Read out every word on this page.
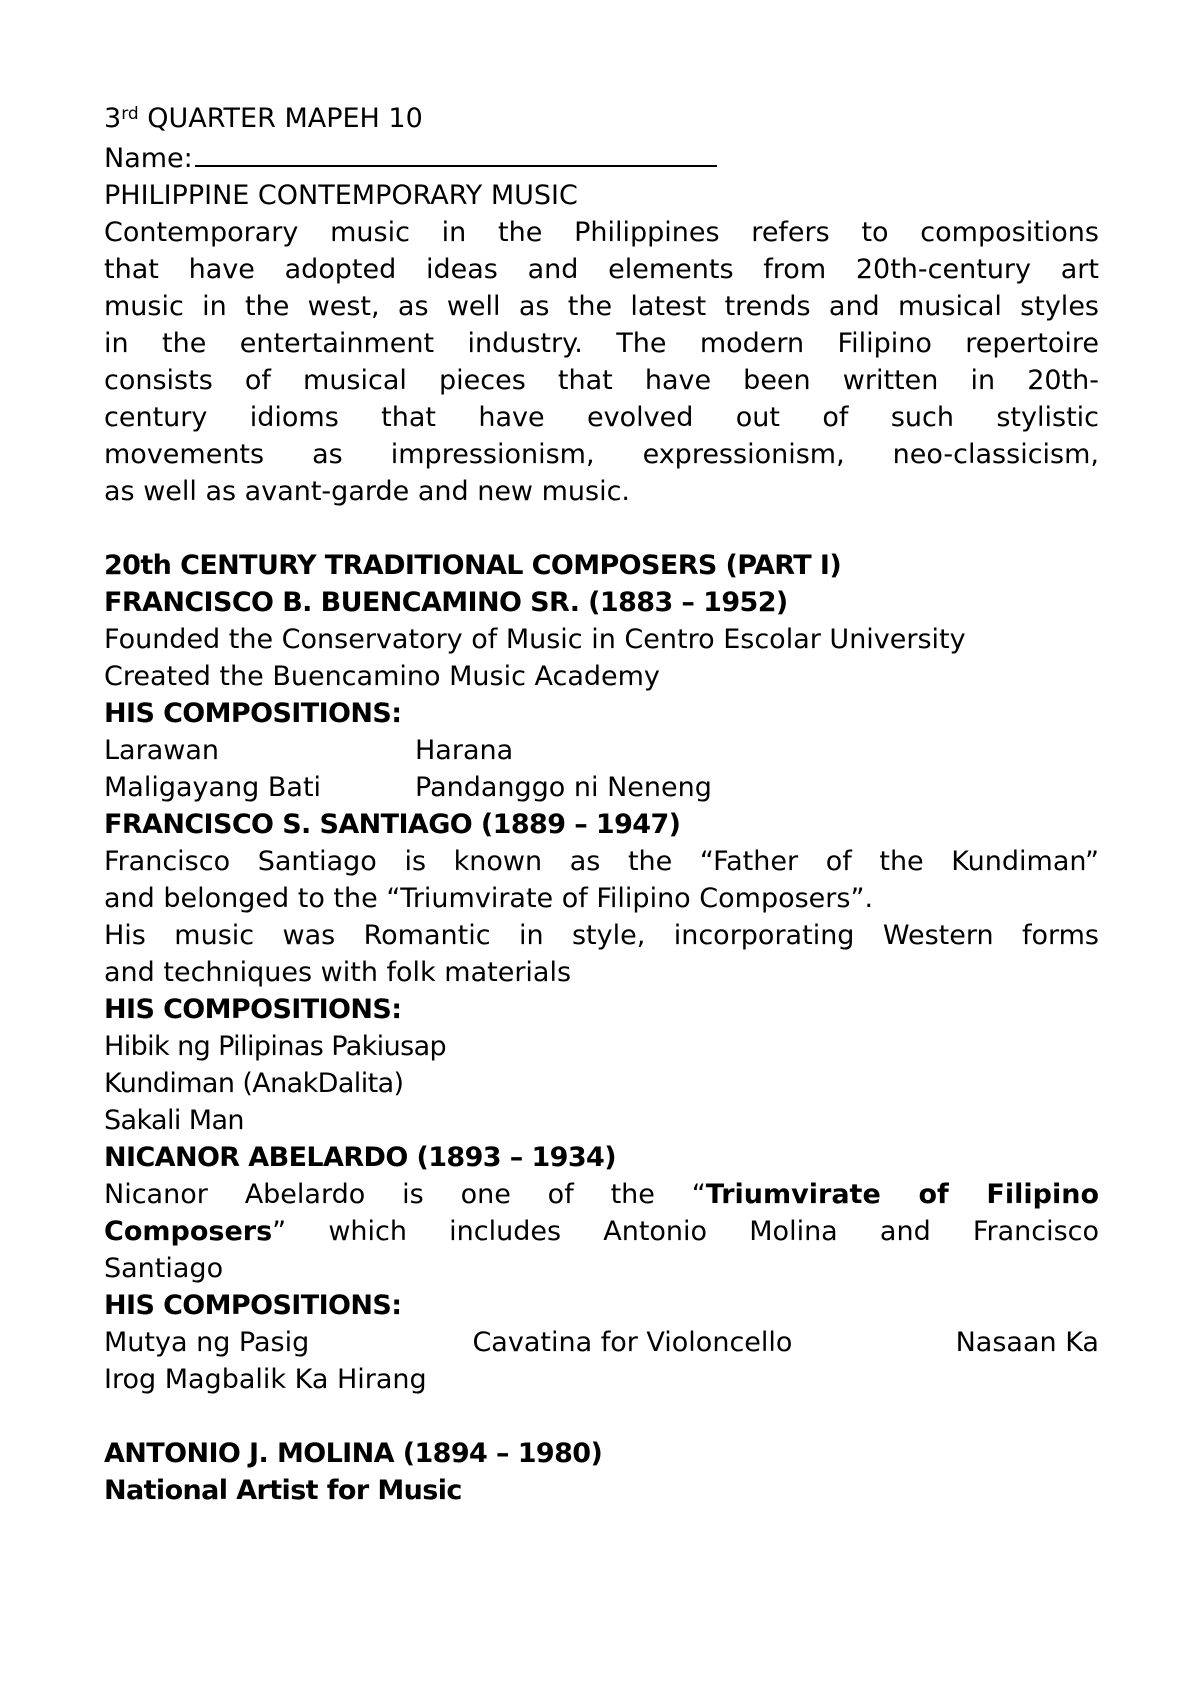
3rd QUARTER MAPEH 10
Name:
PHILIPPINE CONTEMPORARY MUSIC
Contemporary music in the Philippines refers to compositions
that have adopted ideas and elements from 20th-century art
music in the west, as well as the latest trends and musical styles
in the entertainment industry. The modern Filipino repertoire
consists of musical pieces that have been written in 20th-
century idioms that have evolved out of such stylistic
movements as impressionism, expressionism, neo-classicism,
as well as avant-garde and new music.
20th CENTURY TRADITIONAL COMPOSERS (PART I)
FRANCISCO B. BUENCAMINO SR. (1883 – 1952)
Founded the Conservatory of Music in Centro Escolar University
Created the Buencamino Music Academy
HIS COMPOSITIONS:
Larawan	Harana
Maligayang Bati	Pandanggo ni Neneng
FRANCISCO S. SANTIAGO (1889 – 1947)
Francisco Santiago is known as the “Father of the Kundiman”
and belonged to the “Triumvirate of Filipino Composers”.
His music was Romantic in style, incorporating Western forms
and techniques with folk materials
HIS COMPOSITIONS:
Hibik ng Pilipinas Pakiusap
Kundiman (AnakDalita)
Sakali Man
NICANOR ABELARDO (1893 – 1934)
Nicanor Abelardo is one of the “Triumvirate of Filipino
Composers” which includes Antonio Molina and Francisco
Santiago
HIS COMPOSITIONS:
Mutya ng Pasig	Cavatina for Violoncello	Nasaan Ka
Irog Magbalik Ka Hirang
ANTONIO J. MOLINA (1894 – 1980)
National Artist for Music
